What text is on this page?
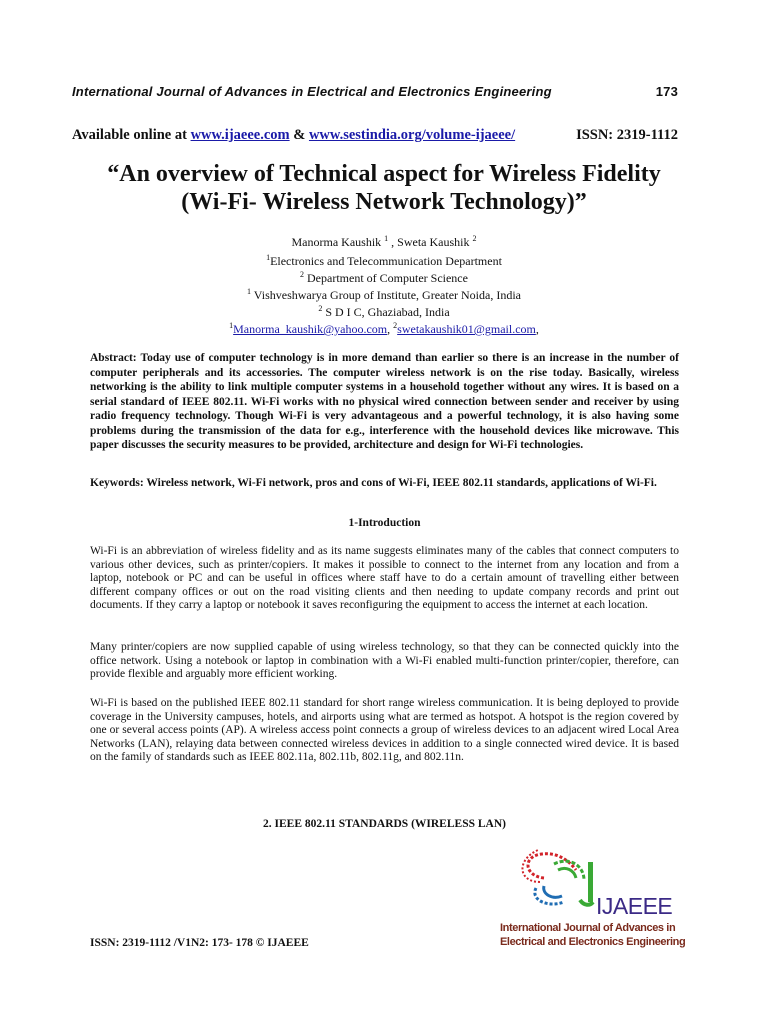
International Journal of Advances in Electrical and Electronics Engineering	173
Available online at www.ijaeee.com & www.sestindia.org/volume-ijaeee/	ISSN: 2319-1112
“An overview of Technical aspect for Wireless Fidelity
(Wi-Fi- Wireless Network Technology)”
Manorma Kaushik $^1$ , Sweta Kaushik $^2$
$^1$Electronics and Telecommunication Department
$^2$ Department of Computer Science
$^1$ Vishveshwarya Group of Institute, Greater Noida, India
$^2$ S D I C, Ghaziabad, India
$^1$Manorma_kaushik@yahoo.com, $^2$swetakaushik01@gmail.com,
Abstract: Today use of computer technology is in more demand than earlier so there is an increase in the number of computer peripherals and its accessories. The computer wireless network is on the rise today. Basically, wireless networking is the ability to link multiple computer systems in a household together without any wires. It is based on a serial standard of IEEE 802.11. Wi-Fi works with no physical wired connection between sender and receiver by using radio frequency technology. Though Wi-Fi is very advantageous and a powerful technology, it is also having some problems during the transmission of the data for e.g., interference with the household devices like microwave. This paper discusses the security measures to be provided, architecture and design for Wi-Fi technologies.
Keywords: Wireless network, Wi-Fi network, pros and cons of Wi-Fi, IEEE 802.11 standards, applications of Wi-Fi.
1-Introduction
Wi-Fi is an abbreviation of wireless fidelity and as its name suggests eliminates many of the cables that connect computers to various other devices, such as printer/copiers. It makes it possible to connect to the internet from any location and from a laptop, notebook or PC and can be useful in offices where staff have to do a certain amount of travelling either between different company offices or out on the road visiting clients and then needing to update company records and print out documents. If they carry a laptop or notebook it saves reconfiguring the equipment to access the internet at each location.
Many printer/copiers are now supplied capable of using wireless technology, so that they can be connected quickly into the office network. Using a notebook or laptop in combination with a Wi-Fi enabled multi-function printer/copier, therefore, can provide flexible and arguably more efficient working.
Wi-Fi is based on the published IEEE 802.11 standard for short range wireless communication. It is being deployed to provide coverage in the University campuses, hotels, and airports using what are termed as hotspot. A hotspot is the region covered by one or several access points (AP). A wireless access point connects a group of wireless devices to an adjacent wired Local Area Networks (LAN), relaying data between connected wireless devices in addition to a single connected wired device. It is based on the family of standards such as IEEE 802.11a, 802.11b, 802.11g, and 802.11n.
2. IEEE 802.11 STANDARDS (WIRELESS LAN)
ISSN: 2319-1112 /V1N2: 173- 178 © IJAEEE
IJAEEE
International Journal of Advances in
Electrical and Electronics Engineering
